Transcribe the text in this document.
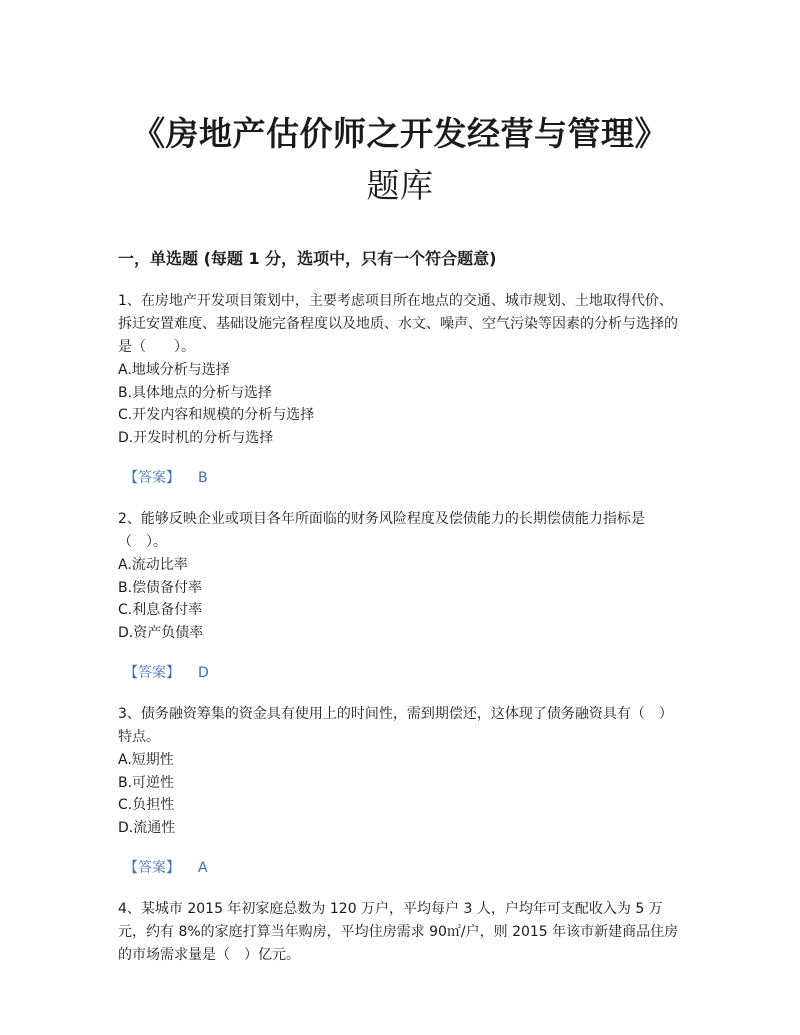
《房地产估价师之开发经营与管理》
题库
一，单选题 (每题 1 分，选项中，只有一个符合题意)

1、在房地产开发项目策划中，主要考虑项目所在地点的交通、城市规划、土地取得代价、拆迁安置难度、基础设施完备程度以及地质、水文、噪声、空气污染等因素的分析与选择的是（　　）。

A.地域分析与选择
B.具体地点的分析与选择
C.开发内容和规模的分析与选择
D.开发时机的分析与选择
【答案】 B

2、能够反映企业或项目各年所面临的财务风险程度及偿债能力的长期偿债能力指标是（　）。

A.流动比率
B.偿债备付率
C.利息备付率
D.资产负债率
【答案】 D

3、债务融资筹集的资金具有使用上的时间性，需到期偿还，这体现了债务融资具有（　）特点。

A.短期性
B.可逆性
C.负担性
D.流通性
【答案】 A

4、某城市 2015 年初家庭总数为 120 万户，平均每户 3 人，户均年可支配收入为 5 万元，约有 8%的家庭打算当年购房，平均住房需求 90㎡/户，则 2015 年该市新建商品住房的市场需求量是（　）亿元。
